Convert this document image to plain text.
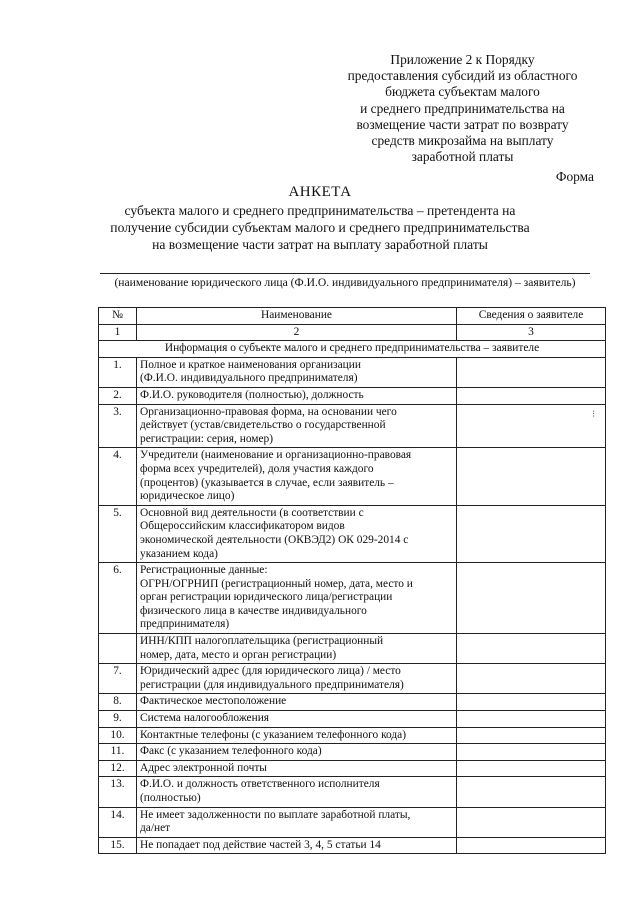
Приложение 2 к Порядку
предоставления субсидий из областного
бюджета субъектам малого
и среднего предпринимательства на
возмещение части затрат по возврату
средств микрозайма на выплату
заработной платы
Форма
АНКЕТА
субъекта малого и среднего предпринимательства – претендента на
получение субсидии субъектам малого и среднего предпринимательства
на возмещение части затрат на выплату заработной платы
(наименование юридического лица (Ф.И.О. индивидуального предпринимателя) – заявитель)
№	Наименование	Сведения о заявителе
1	2	3
Информация о субъекте малого и среднего предпринимательства – заявителе		
1.	Полное и краткое наименования организации
(Ф.И.О. индивидуального предпринимателя)	

2.	Ф.И.О. руководителя (полностью), должность	

3.	Организационно-правовая форма, на основании чего
действует (устав/свидетельство о государственной
регистрации: серия, номер)	

4.	Учредители (наименование и организационно-правовая
форма всех учредителей), доля участия каждого
(процентов) (указывается в случае, если заявитель –
юридическое лицо)	

5.	Основной вид деятельности (в соответствии с
Общероссийским классификатором видов
экономической деятельности (ОКВЭД2) ОК 029-2014 с
указанием кода)	

6.	Регистрационные данные:
ОГРН/ОГРНИП (регистрационный номер, дата, место и
орган регистрации юридического лица/регистрации
физического лица в качестве индивидуального
предпринимателя)	

	ИНН/КПП налогоплательщика (регистрационный
номер, дата, место и орган регистрации)	

7.	Юридический адрес (для юридического лица) / место
регистрации (для индивидуального предпринимателя)	

8.	Фактическое местоположение	

9.	Система налогообложения	

10.	Контактные телефоны (с указанием телефонного кода)	

11.	Факс (с указанием телефонного кода)	

12.	Адрес электронной почты	

13.	Ф.И.О. и должность ответственного исполнителя
(полностью)	

14.	Не имеет задолженности по выплате заработной платы,
да/нет	

15.	Не попадает под действие частей 3, 4, 5 статьи 14	

⁝
